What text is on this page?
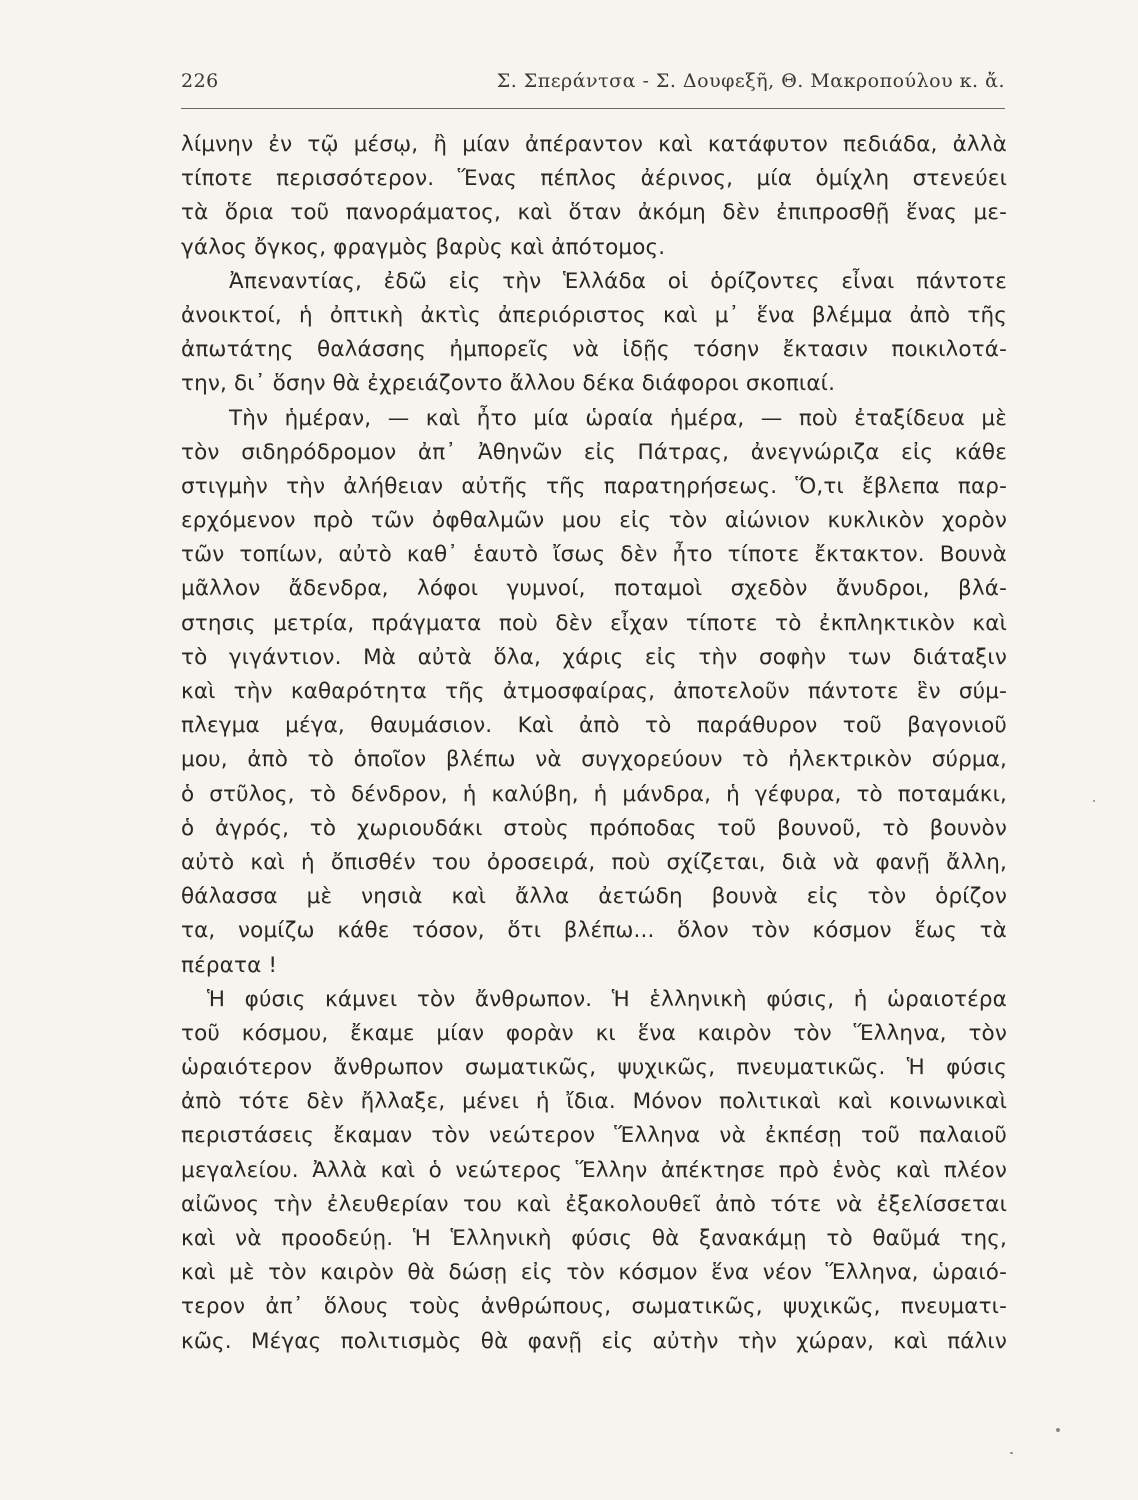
226	Σ. Σπεράντσα - Σ. Δουφεξῆ, Θ. Μακροπούλου κ. ἄ.
λίμνην ἐν τῷ μέσῳ, ἢ μίαν ἀπέραντον καὶ κατάφυτον πεδιάδα, ἀλλὰ
τίποτε περισσότερον. Ἕνας πέπλος ἀέρινος, μία ὁμίχλη στενεύει
τὰ ὅρια τοῦ πανοράματος, καὶ ὅταν ἀκόμη δὲν ἐπιπροσθῇ ἕνας με-
γάλος ὄγκος, φραγμὸς βαρὺς καὶ ἀπότομος.
Ἀπεναντίας, ἐδῶ εἰς τὴν Ἑλλάδα οἱ ὁρίζοντες εἶναι πάντοτε
ἀνοικτοί, ἡ ὀπτικὴ ἀκτὶς ἀπεριόριστος καὶ μ᾽ ἕνα βλέμμα ἀπὸ τῆς
ἀπωτάτης θαλάσσης ἠμπορεῖς νὰ ἰδῇς τόσην ἔκτασιν ποικιλοτά-
την, δι᾽ ὅσην θὰ ἐχρειάζοντο ἄλλου δέκα διάφοροι σκοπιαί.
Τὴν ἡμέραν, — καὶ ἦτο μία ὡραία ἡμέρα, — ποὺ ἐταξίδευα μὲ
τὸν σιδηρόδρομον ἀπ᾽ Ἀθηνῶν εἰς Πάτρας, ἀνεγνώριζα εἰς κάθε
στιγμὴν τὴν ἀλήθειαν αὐτῆς τῆς παρατηρήσεως. Ὅ,τι ἔβλεπα παρ-
ερχόμενον πρὸ τῶν ὀφθαλμῶν μου εἰς τὸν αἰώνιον κυκλικὸν χορὸν
τῶν τοπίων, αὐτὸ καθ᾽ ἑαυτὸ ἴσως δὲν ἦτο τίποτε ἔκτακτον. Βουνὰ
μᾶλλον ἄδενδρα, λόφοι γυμνοί, ποταμοὶ σχεδὸν ἄνυδροι, βλά-
στησις μετρία, πράγματα ποὺ δὲν εἶχαν τίποτε τὸ ἐκπληκτικὸν καὶ
τὸ γιγάντιον. Μὰ αὐτὰ ὅλα, χάρις εἰς τὴν σοφὴν των διάταξιν
καὶ τὴν καθαρότητα τῆς ἀτμοσφαίρας, ἀποτελοῦν πάντοτε ἓν σύμ-
πλεγμα μέγα, θαυμάσιον. Καὶ ἀπὸ τὸ παράθυρον τοῦ βαγονιοῦ
μου, ἀπὸ τὸ ὁποῖον βλέπω νὰ συγχορεύουν τὸ ἠλεκτρικὸν σύρμα,
ὁ στῦλος, τὸ δένδρον, ἡ καλύβη, ἡ μάνδρα, ἡ γέφυρα, τὸ ποταμάκι,
ὁ ἀγρός, τὸ χωριουδάκι στοὺς πρόποδας τοῦ βουνοῦ, τὸ βουνὸν
αὐτὸ καὶ ἡ ὄπισθέν του ὀροσειρά, ποὺ σχίζεται, διὰ νὰ φανῇ ἄλλη,
θάλασσα μὲ νησιὰ καὶ ἄλλα ἀετώδη βουνὰ εἰς τὸν ὁρίζον
τα, νομίζω κάθε τόσον, ὅτι βλέπω... ὅλον τὸν κόσμον ἕως τὰ
πέρατα !
Ἡ φύσις κάμνει τὸν ἄνθρωπον. Ἡ ἑλληνικὴ φύσις, ἡ ὡραιοτέρα
τοῦ κόσμου, ἔκαμε μίαν φορὰν κι ἕνα καιρὸν τὸν Ἕλληνα, τὸν
ὡραιότερον ἄνθρωπον σωματικῶς, ψυχικῶς, πνευματικῶς. Ἡ φύσις
ἀπὸ τότε δὲν ἤλλαξε, μένει ἡ ἴδια. Μόνον πολιτικαὶ καὶ κοινωνικαὶ
περιστάσεις ἔκαμαν τὸν νεώτερον Ἕλληνα νὰ ἐκπέσῃ τοῦ παλαιοῦ
μεγαλείου. Ἀλλὰ καὶ ὁ νεώτερος Ἕλλην ἀπέκτησε πρὸ ἑνὸς καὶ πλέον
αἰῶνος τὴν ἐλευθερίαν του καὶ ἐξακολουθεῖ ἀπὸ τότε νὰ ἐξελίσσεται
καὶ νὰ προοδεύῃ. Ἡ Ἑλληνικὴ φύσις θὰ ξανακάμῃ τὸ θαῦμά της,
καὶ μὲ τὸν καιρὸν θὰ δώσῃ εἰς τὸν κόσμον ἕνα νέον Ἕλληνα, ὡραιό-
τερον ἀπ᾽ ὅλους τοὺς ἀνθρώπους, σωματικῶς, ψυχικῶς, πνευματι-
κῶς. Μέγας πολιτισμὸς θὰ φανῇ εἰς αὐτὴν τὴν χώραν, καὶ πάλιν
